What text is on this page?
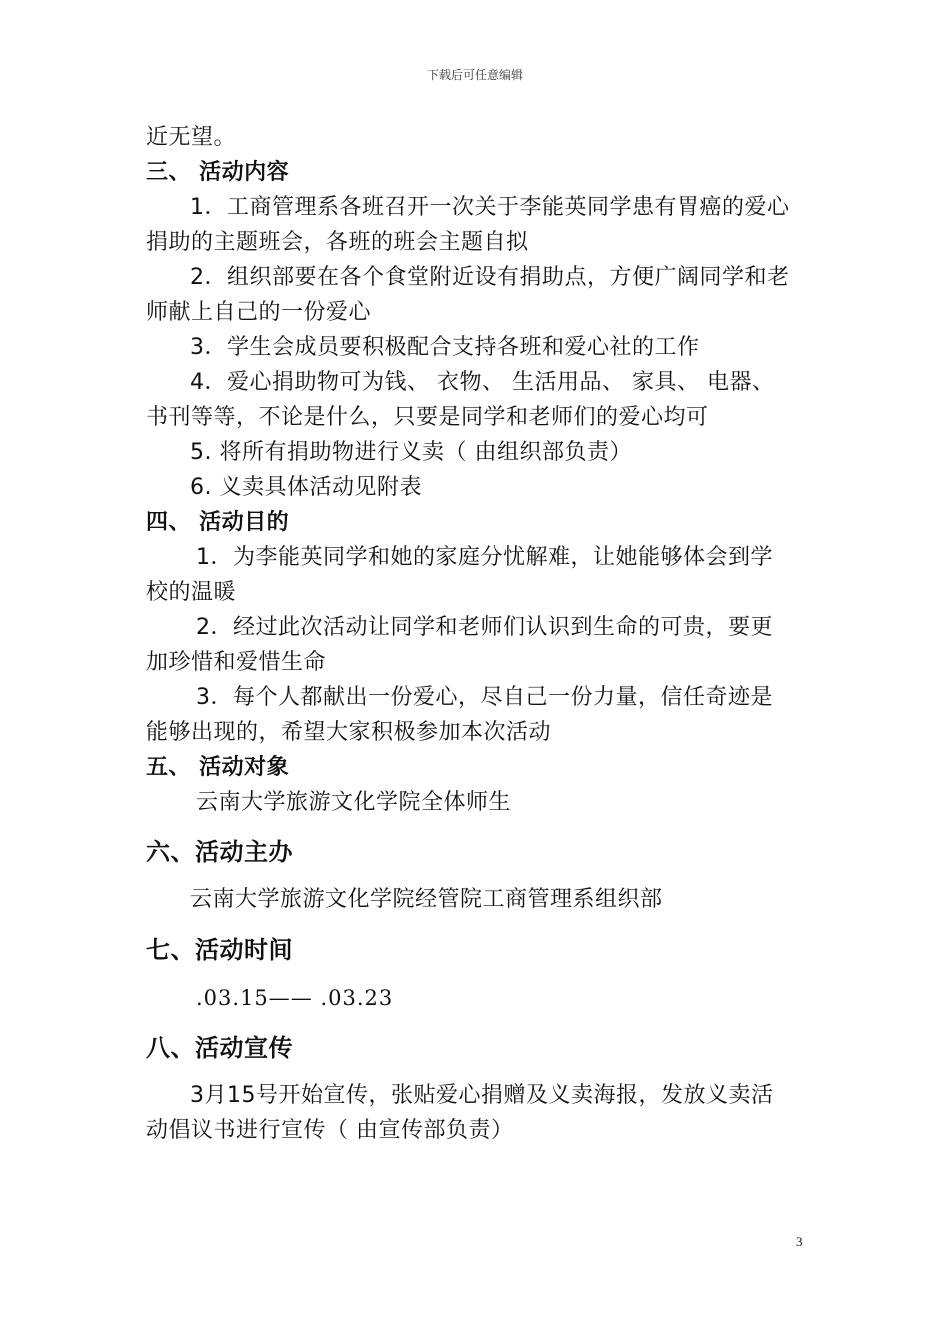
下载后可任意编辑
近无望。
三、 活动内容
1．工商管理系各班召开一次关于李能英同学患有胃癌的爱心
捐助的主题班会，各班的班会主题自拟
2．组织部要在各个食堂附近设有捐助点，方便广阔同学和老
师献上自己的一份爱心
3．学生会成员要积极配合支持各班和爱心社的工作
4．爱心捐助物可为钱、 衣物、 生活用品、 家具、 电器、
书刊等等，不论是什么，只要是同学和老师们的爱心均可
5. 将所有捐助物进行义卖（ 由组织部负责）
6. 义卖具体活动见附表
四、 活动目的
1．为李能英同学和她的家庭分忧解难，让她能够体会到学
校的温暖
2．经过此次活动让同学和老师们认识到生命的可贵，要更
加珍惜和爱惜生命
3．每个人都献出一份爱心，尽自己一份力量，信任奇迹是
能够出现的，希望大家积极参加本次活动
五、 活动对象
云南大学旅游文化学院全体师生
六、活动主办
云南大学旅游文化学院经管院工商管理系组织部
七、活动时间
.03.15—— .03.23
八、活动宣传
3月15号开始宣传，张贴爱心捐赠及义卖海报，发放义卖活
动倡议书进行宣传（ 由宣传部负责）
3
